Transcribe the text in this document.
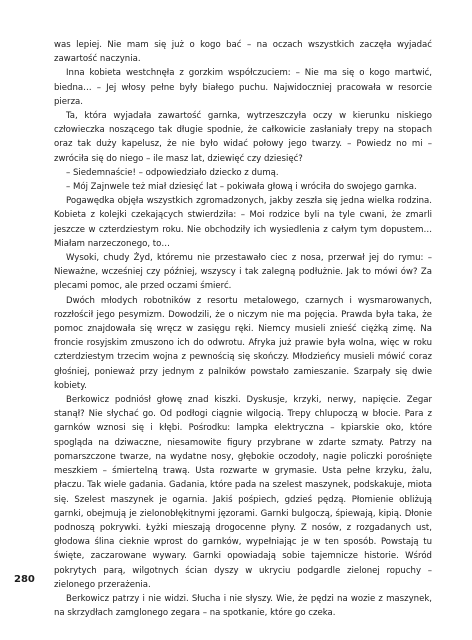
was lepiej. Nie mam się już o kogo bać – na oczach wszystkich zaczęła wyjadać zawartość naczynia.

Inna kobieta westchnęła z gorzkim współczuciem: – Nie ma się o kogo martwić, biedna… – Jej włosy pełne były białego puchu. Najwidoczniej pracowała w resorcie pierza.

Ta, która wyjadała zawartość garnka, wytrzeszczyła oczy w kierunku niskiego człowieczka noszącego tak długie spodnie, że całkowicie zasłaniały trepy na stopach oraz tak duży kapelusz, że nie było widać połowy jego twarzy. – Powiedz no mi – zwróciła się do niego – ile masz lat, dziewięć czy dziesięć?

– Siedemnaście! – odpowiedziało dziecko z dumą.

– Mój Zajnwele też miał dziesięć lat – pokiwała głową i wróciła do swojego garnka.

Pogawędka objęła wszystkich zgromadzonych, jakby zeszła się jedna wielka rodzina. Kobieta z kolejki czekających stwierdziła: – Moi rodzice byli na tyle cwani, że zmarli jeszcze w czterdziestym roku. Nie obchodziły ich wysiedlenia z całym tym dopustem… Miałam narzeczonego, to…

Wysoki, chudy Żyd, któremu nie przestawało ciec z nosa, przerwał jej do rymu: – Nieważne, wcześniej czy później, wszyscy i tak zalegną podłużnie. Jak to mówi ów? Za plecami pomoc, ale przed oczami śmierć.

Dwóch młodych robotników z resortu metalowego, czarnych i wysmarowanych, rozzłościł jego pesymizm. Dowodzili, że o niczym nie ma pojęcia. Prawda była taka, że pomoc znajdowała się wręcz w zasięgu ręki. Niemcy musieli znieść ciężką zimę. Na froncie rosyjskim zmuszono ich do odwrotu. Afryka już prawie była wolna, więc w roku czterdziestym trzecim wojna z pewnością się skończy. Młodzieńcy musieli mówić coraz głośniej, ponieważ przy jednym z palników powstało zamieszanie. Szarpały się dwie kobiety.

Berkowicz podniósł głowę znad kiszki. Dyskusje, krzyki, nerwy, napięcie. Zegar stanął? Nie słychać go. Od podłogi ciągnie wilgocią. Trepy chlupoczą w błocie. Para z garnków wznosi się i kłębi. Pośrodku: lampka elektryczna – kpiarskie oko, które spogląda na dziwaczne, niesamowite figury przybrane w zdarte szmaty. Patrzy na pomarszczone twarze, na wydatne nosy, głębokie oczodoły, nagie policzki porośnięte meszkiem – śmiertelną trawą. Usta rozwarte w grymasie. Usta pełne krzyku, żalu, płaczu. Tak wiele gadania. Gadania, które pada na szelest maszynek, podskakuje, miota się. Szelest maszynek je ogarnia. Jakiś pośpiech, gdzieś pędzą. Płomienie obliżują garnki, obejmują je zielonobłękitnymi jęzorami. Garnki bulgoczą, śpiewają, kipią. Dłonie podnoszą pokrywki. Łyżki mieszają drogocenne płyny. Z nosów, z rozgadanych ust, głodowa ślina cieknie wprost do garnków, wypełniając je w ten sposób. Powstają tu święte, zaczarowane wywary. Garnki opowiadają sobie tajemnicze historie. Wśród pokrytych parą, wilgotnych ścian dyszy w ukryciu podgardle zielonej ropuchy – zielonego przerażenia.

Berkowicz patrzy i nie widzi. Słucha i nie słyszy. Wie, że pędzi na wozie z maszynek, na skrzydłach zamglonego zegara – na spotkanie, które go czeka.

280
